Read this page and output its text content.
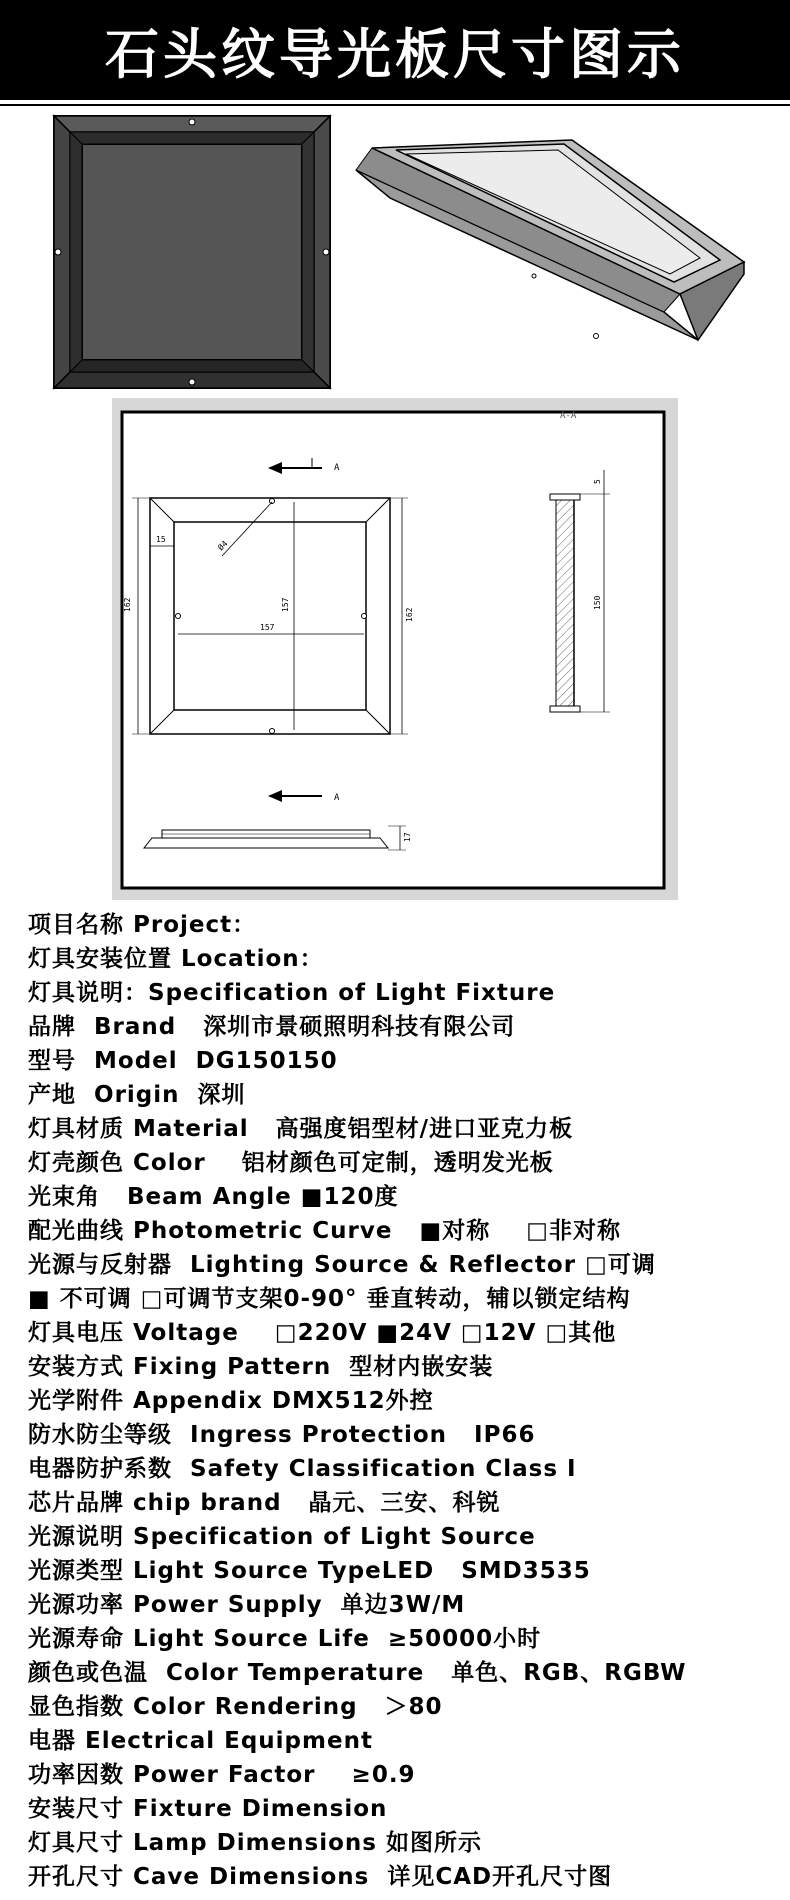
石头纹导光板尺寸图示
A-A
A
A
15	Ø4
162
162
157
157
150
5
17
项目名称 Project：
灯具安装位置 Location：
灯具说明：Specification of Light Fixture
品牌  Brand   深圳市景硕照明科技有限公司
型号  Model  DG150150
产地  Origin  深圳
灯具材质 Material   高强度铝型材/进口亚克力板
灯壳颜色 Color    铝材颜色可定制，透明发光板
光束角   Beam Angle ■120度
配光曲线 Photometric Curve   ■对称    □非对称
光源与反射器  Lighting Source & Reflector □可调
■ 不可调 □可调节支架0-90° 垂直转动，辅以锁定结构
灯具电压 Voltage    □220V ■24V □12V □其他
安装方式 Fixing Pattern  型材内嵌安装
光学附件 Appendix DMX512外控
防水防尘等级  Ingress Protection   IP66
电器防护系数  Safety Classification Class I
芯片品牌 chip brand   晶元、三安、科锐
光源说明 Specification of Light Source
光源类型 Light Source TypeLED   SMD3535
光源功率 Power Supply  单边3W/M
光源寿命 Light Source Life  ≥50000小时
颜色或色温  Color Temperature   单色、RGB、RGBW
显色指数 Color Rendering   ＞80
电器 Electrical Equipment
功率因数 Power Factor    ≥0.9
安装尺寸 Fixture Dimension
灯具尺寸 Lamp Dimensions 如图所示
开孔尺寸 Cave Dimensions  详见CAD开孔尺寸图
